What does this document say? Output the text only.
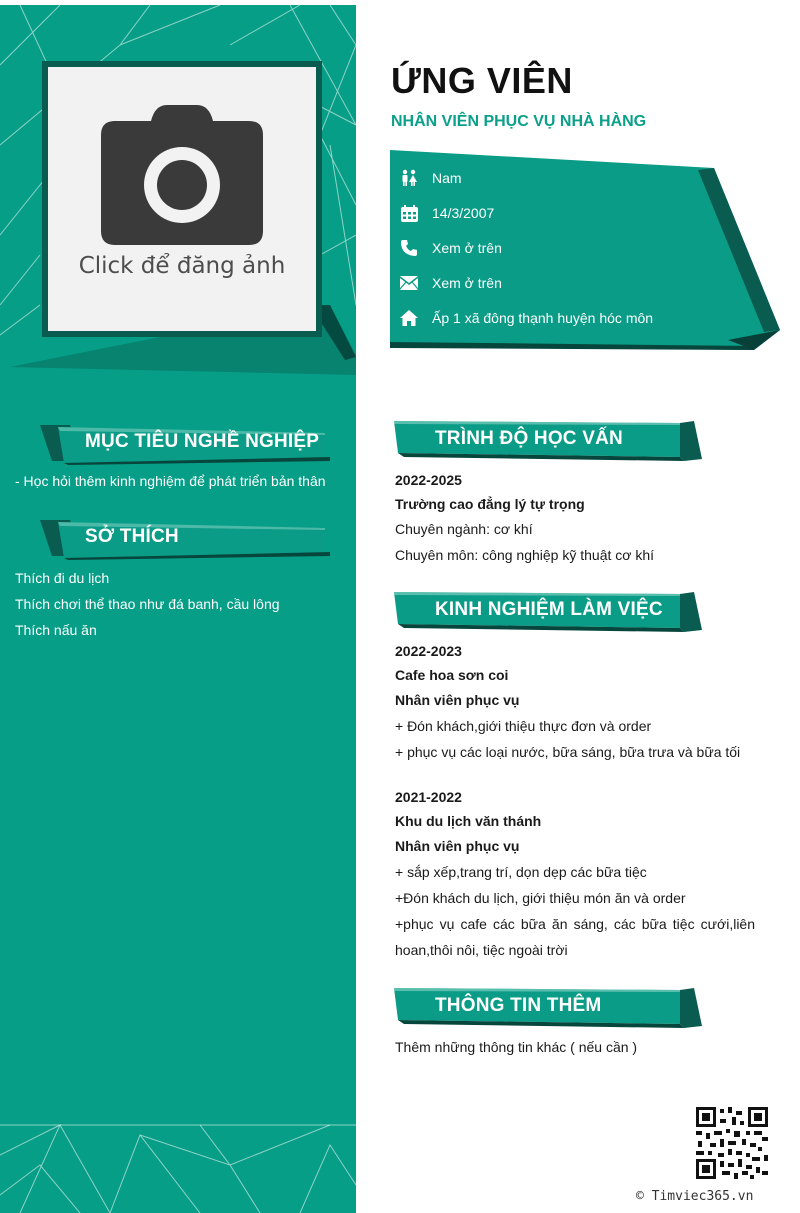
Click để đăng ảnh
MỤC TIÊU NGHỀ NGHIỆP
- Học hỏi thêm kinh nghiệm để phát triển bản thân
SỞ THÍCH
Thích đi du lịch
Thích chơi thể thao như đá banh, cầu lông
Thích nấu ăn
ỨNG VIÊN
NHÂN VIÊN PHỤC VỤ NHÀ HÀNG
Nam
14/3/2007
Xem ở trên
Xem ở trên
Ấp 1 xã đông thạnh huyện hóc môn
TRÌNH ĐỘ HỌC VẤN
2022-2025
Trường cao đẳng lý tự trọng
Chuyên ngành: cơ khí
Chuyên môn: công nghiệp kỹ thuật cơ khí
KINH NGHIỆM LÀM VIỆC
2022-2023
Cafe hoa sơn coi
Nhân viên phục vụ
+ Đón khách,giới thiệu thực đơn và order
+ phục vụ các loại nước, bữa sáng, bữa trưa và bữa tối
2021-2022
Khu du lịch văn thánh
Nhân viên phục vụ
+ sắp xếp,trang trí, dọn dẹp các bữa tiệc
+Đón khách du lịch, giới thiệu món ăn và order
+phục vụ cafe các bữa ăn sáng, các bữa tiệc cưới,liên hoan,thôi nôi, tiệc ngoài trời
THÔNG TIN THÊM
Thêm những thông tin khác ( nếu cần )
© Timviec365.vn
